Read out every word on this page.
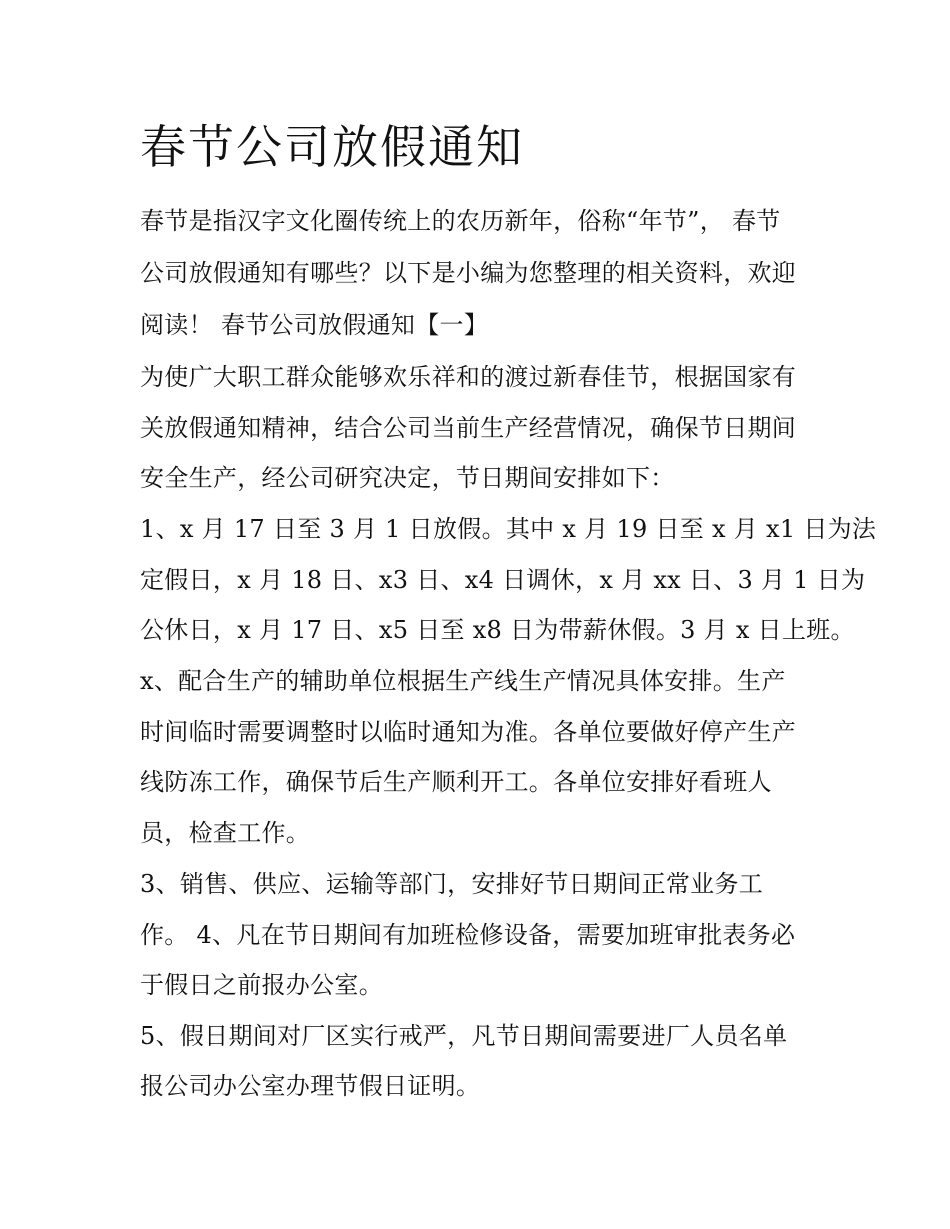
春节公司放假通知

春节是指汉字文化圈传统上的农历新年，俗称“年节”， 春节

公司放假通知有哪些？以下是小编为您整理的相关资料，欢迎

阅读！ 春节公司放假通知【一】

为使广大职工群众能够欢乐祥和的渡过新春佳节，根据国家有

关放假通知精神，结合公司当前生产经营情况，确保节日期间

安全生产，经公司研究决定，节日期间安排如下：

1、x 月 17 日至 3 月 1 日放假。其中 x 月 19 日至 x 月 x1 日为法

定假日，x 月 18 日、x3 日、x4 日调休，x 月 xx 日、3 月 1 日为

公休日，x 月 17 日、x5 日至 x8 日为带薪休假。3 月 x 日上班。

x、配合生产的辅助单位根据生产线生产情况具体安排。生产

时间临时需要调整时以临时通知为准。各单位要做好停产生产

线防冻工作，确保节后生产顺利开工。各单位安排好看班人

员，检查工作。

3、销售、供应、运输等部门，安排好节日期间正常业务工

作。 4、凡在节日期间有加班检修设备，需要加班审批表务必

于假日之前报办公室。

5、假日期间对厂区实行戒严，凡节日期间需要进厂人员名单

报公司办公室办理节假日证明。
